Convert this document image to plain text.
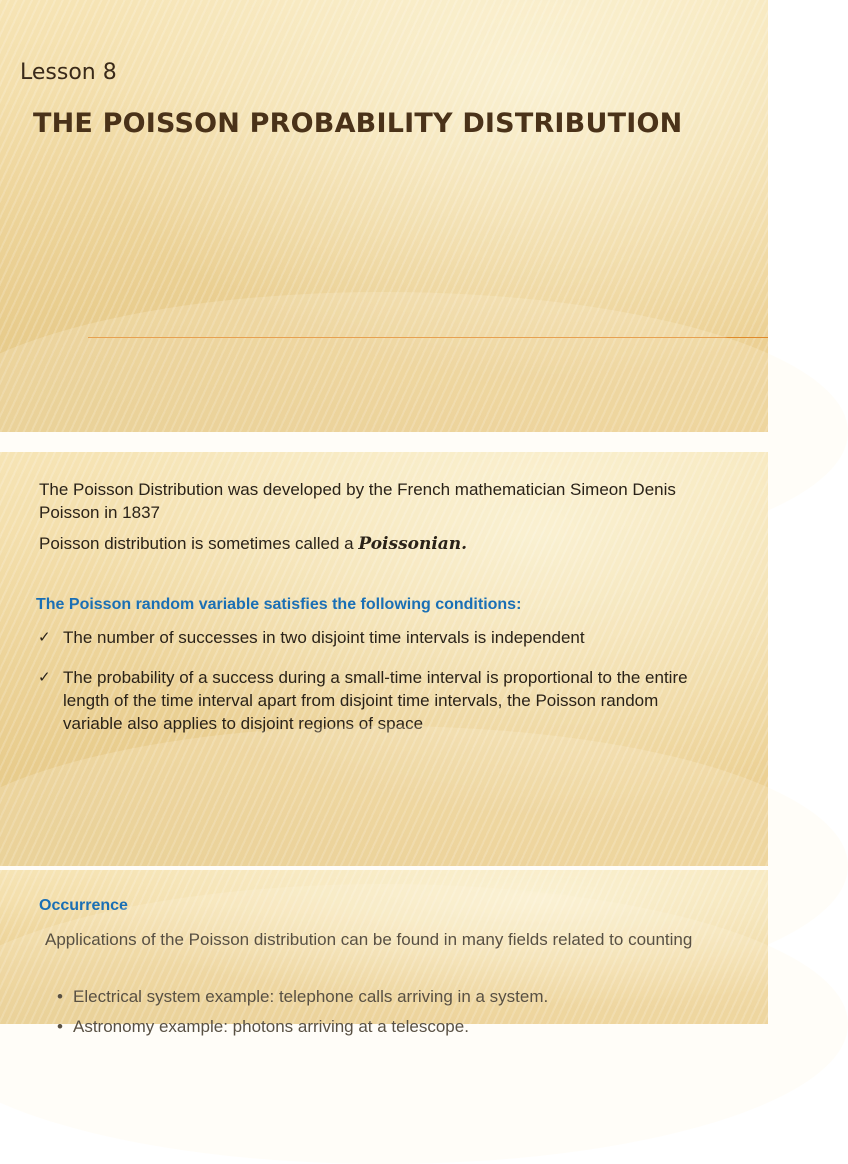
Lesson 8

THE POISSON PROBABILITY DISTRIBUTION

The Poisson Distribution was developed by the French mathematician Simeon Denis Poisson in 1837

Poisson distribution is sometimes called a Poissonian.

The Poisson random variable satisfies the following conditions:
✓ The number of successes in two disjoint time intervals is independent
✓ The probability of a success during a small-time interval is proportional to the entire length of the time interval apart from disjoint time intervals, the Poisson random variable also applies to disjoint regions of space
Occurrence

Applications of the Poisson distribution can be found in many fields related to counting

• Electrical system example: telephone calls arriving in a system.
• Astronomy example: photons arriving at a telescope.
